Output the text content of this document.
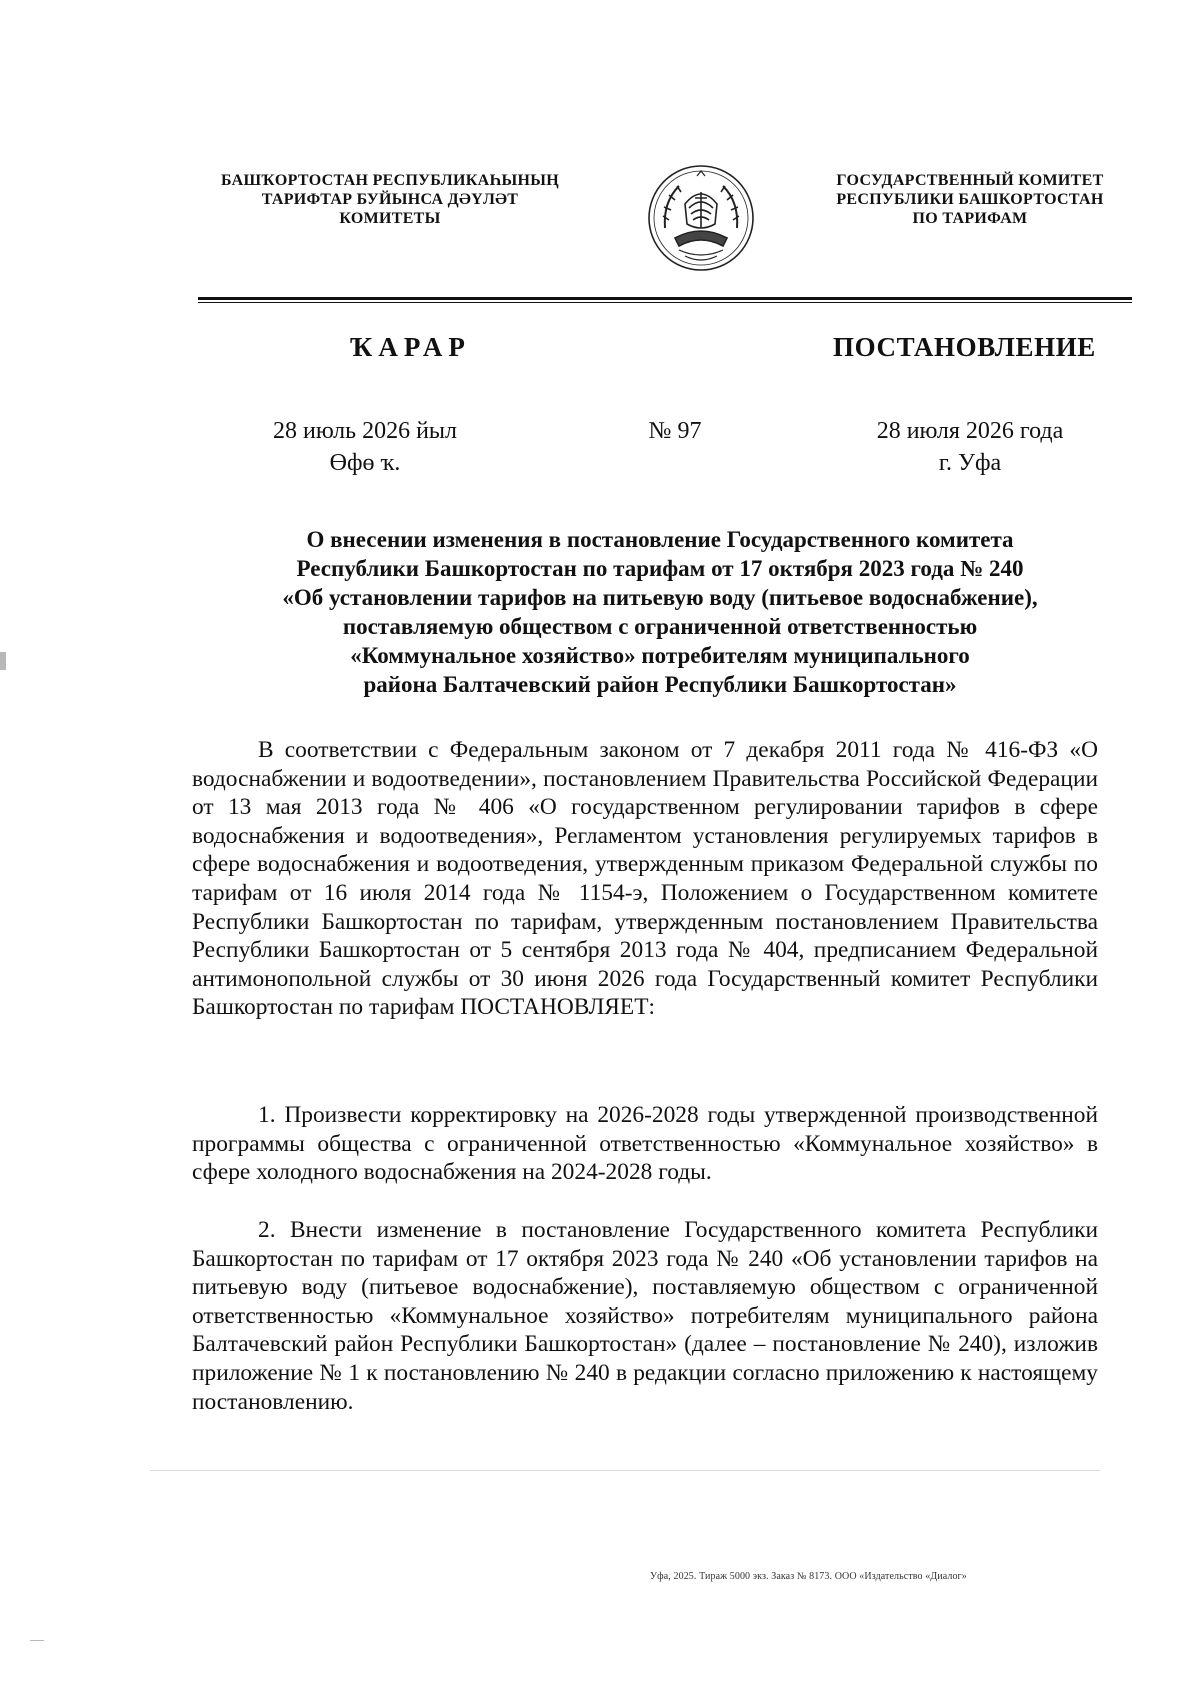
БАШҠОРТОСТАН РЕСПУБЛИКАҺЫНЫҢ
ТАРИФТАР БУЙЫНСА ДӘҮЛӘТ
КОМИТЕТЫ
ГОСУДАРСТВЕННЫЙ КОМИТЕТ
РЕСПУБЛИКИ БАШКОРТОСТАН
ПО ТАРИФАМ
ҠАРАР	ПОСТАНОВЛЕНИЕ
28 июль 2026 йыл
Өфө ҡ.
№ 97	28 июля 2026 года
г. Уфа
О внесении изменения в постановление Государственного комитета
Республики Башкортостан по тарифам от 17 октября 2023 года № 240
«Об установлении тарифов на питьевую воду (питьевое водоснабжение),
поставляемую обществом с ограниченной ответственностью
«Коммунальное хозяйство» потребителям муниципального
района Балтачевский район Республики Башкортостан»

В соответствии с Федеральным законом от 7 декабря 2011 года № 416-ФЗ «О водоснабжении и водоотведении», постановлением Правительства Российской Федерации от 13 мая 2013 года № 406 «О государственном регулировании тарифов в сфере водоснабжения и водоотведения», Регламентом установления регулируемых тарифов в сфере водоснабжения и водоотведения, утвержденным приказом Федеральной службы по тарифам от 16 июля 2014 года № 1154-э, Положением о Государственном комитете Республики Башкортостан по тарифам, утвержденным постановлением Правительства Республики Башкортостан от 5 сентября 2013 года № 404, предписанием Федеральной антимонопольной службы от 30 июня 2026 года Государственный комитет Республики Башкортостан по тарифам ПОСТАНОВЛЯЕТ:

1. Произвести корректировку на 2026-2028 годы утвержденной производственной программы общества с ограниченной ответственностью «Коммунальное хозяйство» в сфере холодного водоснабжения на 2024-2028 годы.

2. Внести изменение в постановление Государственного комитета Республики Башкортостан по тарифам от 17 октября 2023 года № 240 «Об установлении тарифов на питьевую воду (питьевое водоснабжение), поставляемую обществом с ограниченной ответственностью «Коммунальное хозяйство» потребителям муниципального района Балтачевский район Республики Башкортостан» (далее – постановление № 240), изложив приложение № 1 к постановлению № 240 в редакции согласно приложению к настоящему постановлению.

Уфа, 2025. Тираж 5000 экз. Заказ № 8173. ООО «Издательство «Диалог»
